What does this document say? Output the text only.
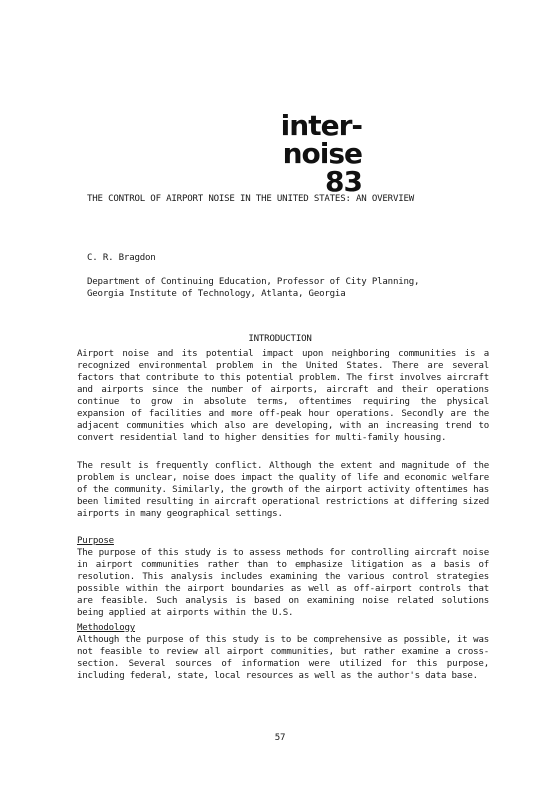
inter-noise
83
THE CONTROL OF AIRPORT NOISE IN THE UNITED STATES: AN OVERVIEW
C. R. Bragdon
Department of Continuing Education, Professor of City Planning,
Georgia Institute of Technology, Atlanta, Georgia
INTRODUCTION

Airport noise and its potential impact upon neighboring communities is a recognized environmental problem in the United States. There are several factors that contribute to this potential problem. The first involves aircraft and airports since the number of airports, aircraft and their operations continue to grow in absolute terms, oftentimes requiring the physical expansion of facilities and more off-peak hour operations. Secondly are the adjacent communities which also are developing, with an increasing trend to convert residential land to higher densities for multi-family housing.

The result is frequently conflict. Although the extent and magnitude of the problem is unclear, noise does impact the quality of life and economic welfare of the community. Similarly, the growth of the airport activity oftentimes has been limited resulting in aircraft operational restrictions at differing sized airports in many geographical settings.

Purpose

The purpose of this study is to assess methods for controlling aircraft noise in airport communities rather than to emphasize litigation as a basis of resolution. This analysis includes examining the various control strategies possible within the airport boundaries as well as off-airport controls that are feasible. Such analysis is based on examining noise related solutions being applied at airports within the U.S.

Methodology

Although the purpose of this study is to be comprehensive as possible, it was not feasible to review all airport communities, but rather examine a cross-section. Several sources of information were utilized for this purpose, including federal, state, local resources as well as the author's data base.

57
